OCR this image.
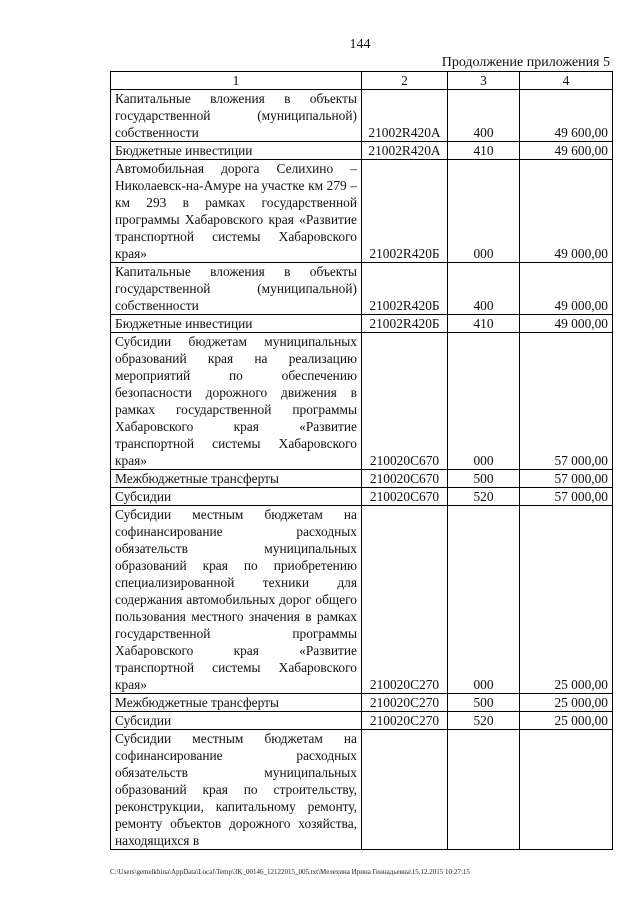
144
Продолжение приложения 5
1	2	3	4
Капитальные вложения в объекты государственной (муниципальной) собственности	21002R420А	400	49 600,00
Бюджетные инвестиции	21002R420А	410	49 600,00
Автомобильная дорога Селихино – Николаевск-на-Амуре на участке км 279 – км 293 в рамках государственной программы Хабаровского края «Развитие транспортной системы Хабаровского края»	21002R420Б	000	49 000,00
Капитальные вложения в объекты государственной (муниципальной) собственности	21002R420Б	400	49 000,00
Бюджетные инвестиции	21002R420Б	410	49 000,00
Субсидии бюджетам муниципальных образований края на реализацию мероприятий по обеспечению безопасности дорожного движения в рамках государственной программы Хабаровского края «Развитие транспортной системы Хабаровского края»	210020С670	000	57 000,00
Межбюджетные трансферты	210020С670	500	57 000,00
Субсидии	210020С670	520	57 000,00
Субсидии местным бюджетам на софинансирование расходных обязательств муниципальных образований края по приобретению специализированной техники для содержания автомобильных дорог общего пользования местного значения в рамках государственной программы Хабаровского края «Развитие транспортной системы Хабаровского края»	210020С270	000	25 000,00
Межбюджетные трансферты	210020С270	500	25 000,00
Субсидии	210020С270	520	25 000,00
Субсидии местным бюджетам на софинансирование расходных обязательств муниципальных образований края по строительству, реконструкции, капитальному ремонту, ремонту объектов дорожного хозяйства, находящихся в			
C:\Users\gemelkhina\AppData\Local\Temp\3K_00146_12122015_005.txt\Мелехина Ирина Геннадьевна\15.12.2015 10:27:15
